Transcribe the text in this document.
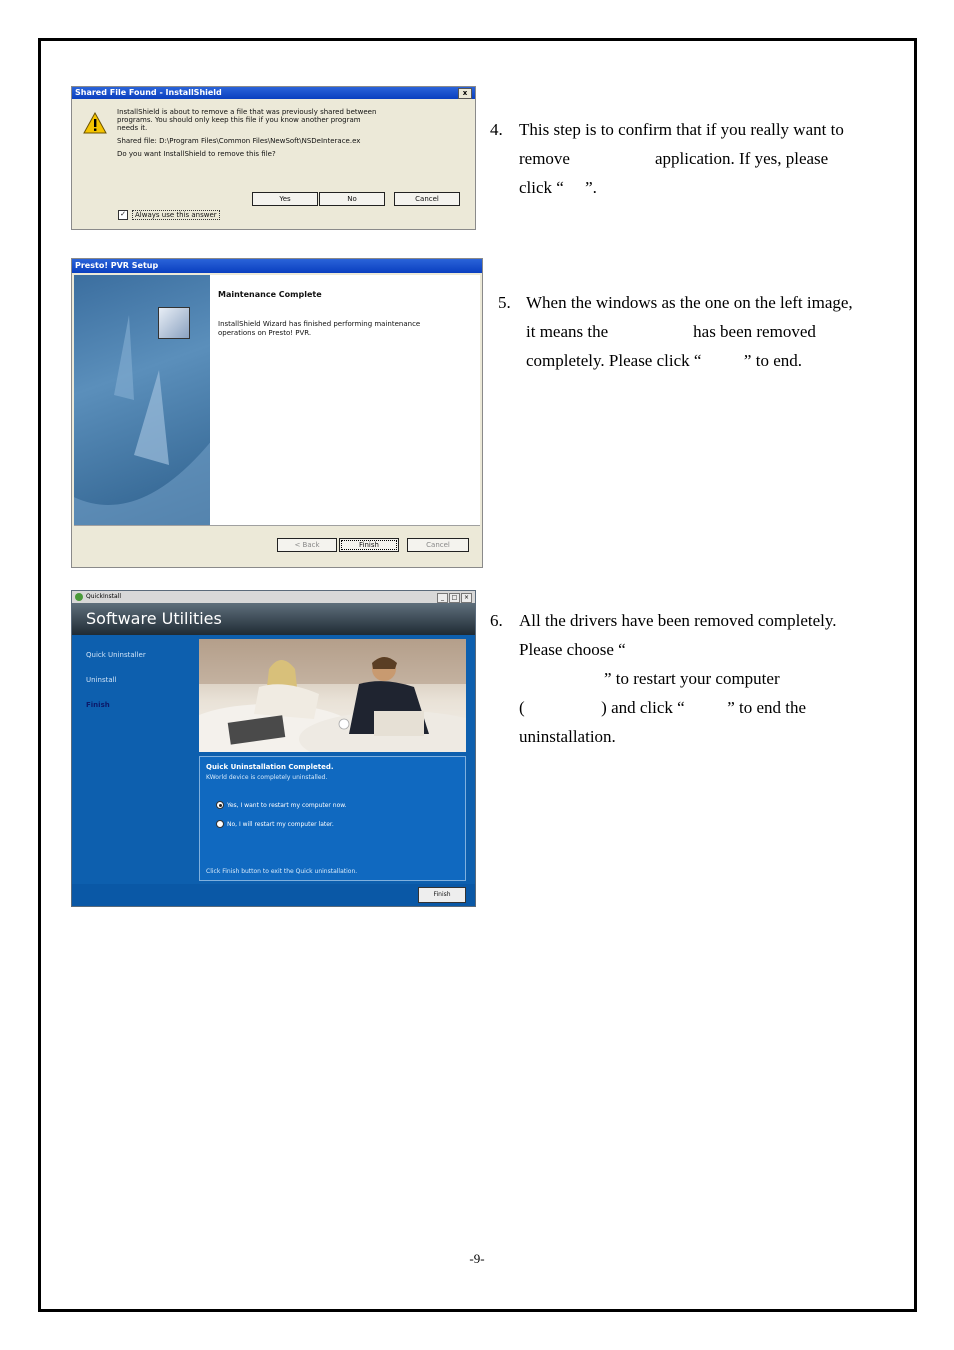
Shared File Found - InstallShield	x

InstallShield is about to remove a file that was previously shared between
programs. You should only keep this file if you know another program
needs it.

Shared file: D:\Program Files\Common Files\NewSoft\NSDeInterace.ex

Do you want InstallShield to remove this file?

Yes	No	Cancel
✓	Always use this answer
Presto! PVR Setup
Maintenance Complete
InstallShield Wizard has finished performing maintenance
operations on Presto! PVR.
< Back	Finish	Cancel
QuickInstall	_	□	×
Software Utilities
Quick Uninstaller
Uninstall
Finish
Quick Uninstallation Completed.
KWorld device is completely uninstalled.
Yes, I want to restart my computer now.
No, I will restart my computer later.
Click Finish button to exit the Quick uninstallation.
Finish
4. This step is to confirm that if you really want to
remove                    application. If yes, please
click “     ”.
5. When the windows as the one on the left image,
it means the                    has been removed
completely. Please click “          ” to end.
6. All the drivers have been removed completely.
Please choose “
” to restart your computer
(                  ) and click “          ” to end the
uninstallation.
-9-
